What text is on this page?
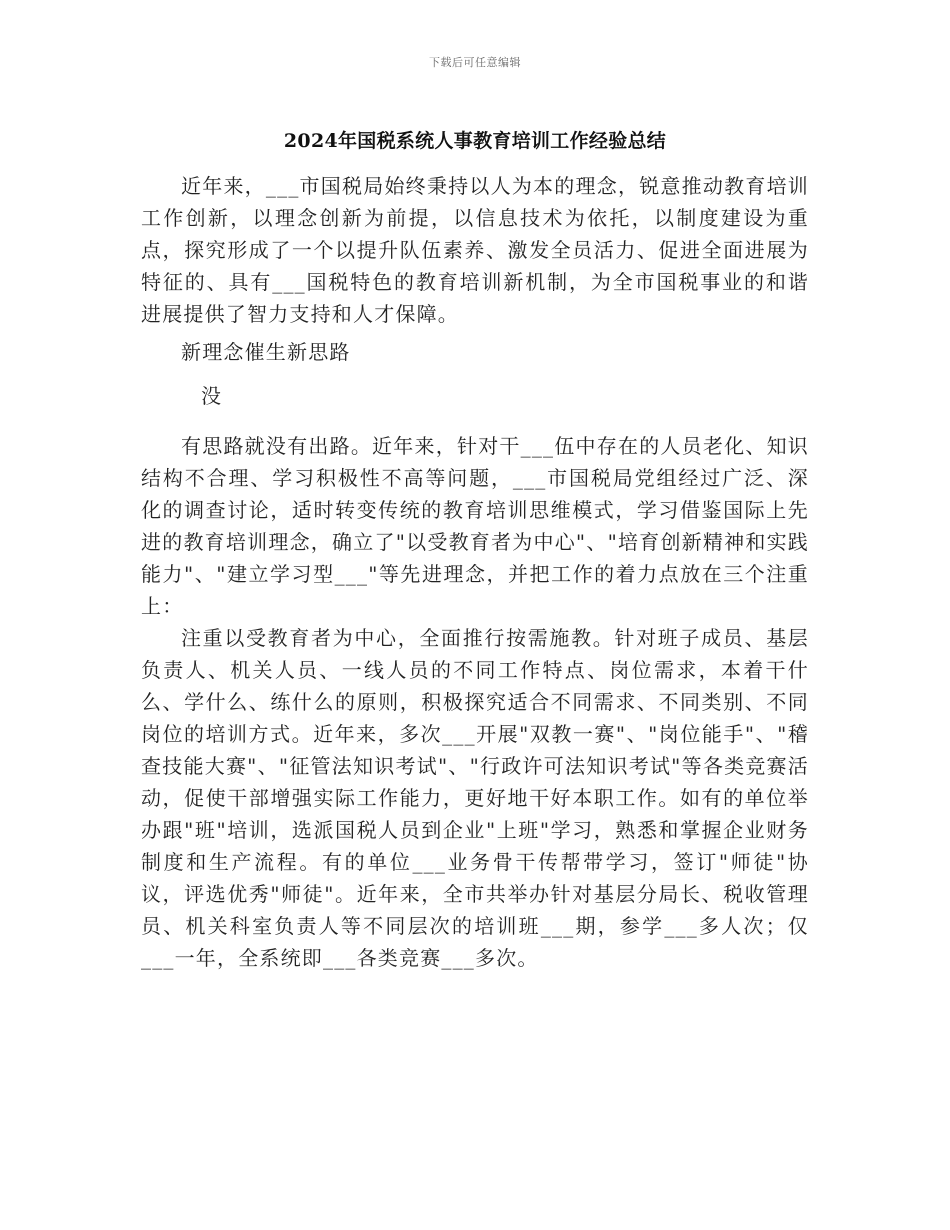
下载后可任意编辑
2024年国税系统人事教育培训工作经验总结

近年来，___市国税局始终秉持以人为本的理念，锐意推动教育培训工作创新，以理念创新为前提，以信息技术为依托，以制度建设为重点，探究形成了一个以提升队伍素养、激发全员活力、促进全面进展为特征的、具有___国税特色的教育培训新机制，为全市国税事业的和谐进展提供了智力支持和人才保障。

新理念催生新思路

没

有思路就没有出路。近年来，针对干___伍中存在的人员老化、知识结构不合理、学习积极性不高等问题，___市国税局党组经过广泛、深化的调查讨论，适时转变传统的教育培训思维模式，学习借鉴国际上先进的教育培训理念，确立了"以受教育者为中心"、"培育创新精神和实践能力"、"建立学习型___"等先进理念，并把工作的着力点放在三个注重上：

注重以受教育者为中心，全面推行按需施教。针对班子成员、基层负责人、机关人员、一线人员的不同工作特点、岗位需求，本着干什么、学什么、练什么的原则，积极探究适合不同需求、不同类别、不同岗位的培训方式。近年来，多次___开展"双教一赛"、"岗位能手"、"稽查技能大赛"、"征管法知识考试"、"行政许可法知识考试"等各类竞赛活动，促使干部增强实际工作能力，更好地干好本职工作。如有的单位举办跟"班"培训，选派国税人员到企业"上班"学习，熟悉和掌握企业财务制度和生产流程。有的单位___业务骨干传帮带学习，签订"师徒"协议，评选优秀"师徒"。近年来，全市共举办针对基层分局长、税收管理员、机关科室负责人等不同层次的培训班___期，参学___多人次；仅___一年，全系统即___各类竞赛___多次。
